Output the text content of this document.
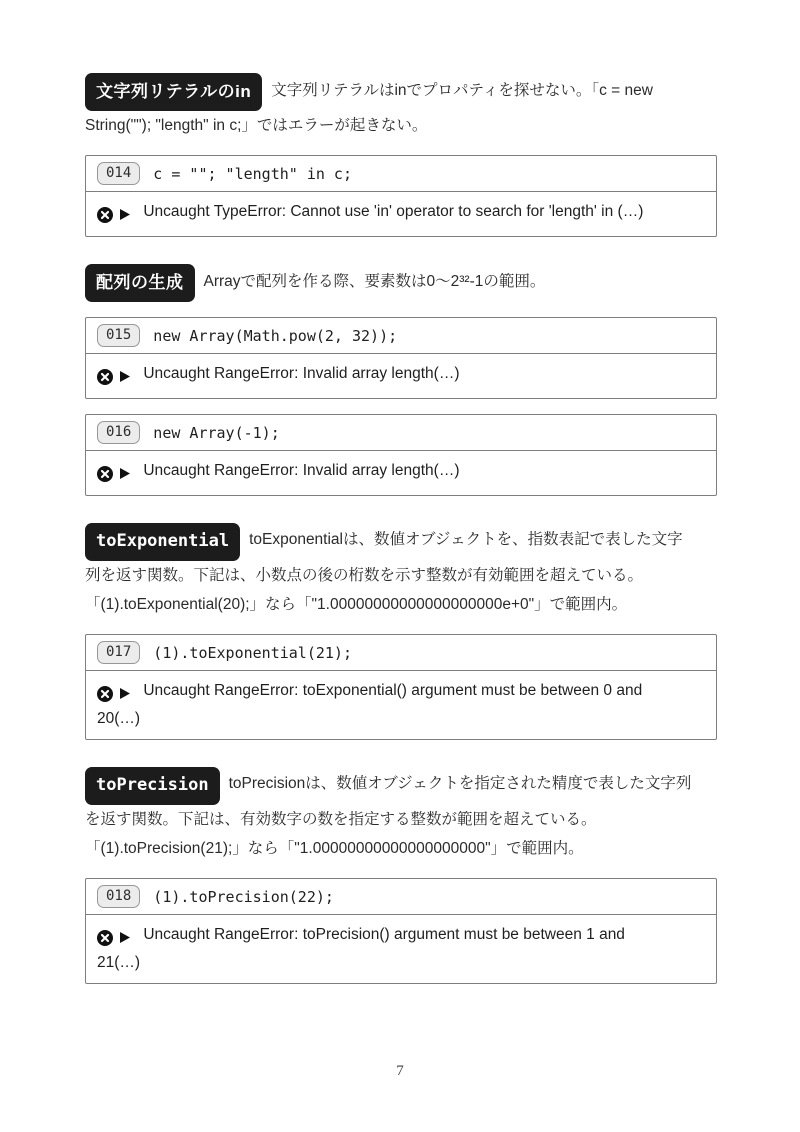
文字列リテラルのin 文字列リテラルはinでプロパティを探せない。「c = new
String(""); "length" in c;」ではエラーが起きない。
014	c = ""; "length" in c;
Uncaught TypeError: Cannot use 'in' operator to search for 'length' in (…)
配列の生成 Arrayで配列を作る際、要素数は0〜2³²-1の範囲。
015	new Array(Math.pow(2, 32));
Uncaught RangeError: Invalid array length(…)
016	new Array(-1);
Uncaught RangeError: Invalid array length(…)
toExponential toExponentialは、数値オブジェクトを、指数表記で表した文字
列を返す関数。下記は、小数点の後の桁数を示す整数が有効範囲を超えている。
「(1).toExponential(20);」なら「"1.00000000000000000000e+0"」で範囲内。
017	(1).toExponential(21);
Uncaught RangeError: toExponential() argument must be between 0 and
20(…)
toPrecision toPrecisionは、数値オブジェクトを指定された精度で表した文字列
を返す関数。下記は、有効数字の数を指定する整数が範囲を超えている。
「(1).toPrecision(21);」なら「"1.00000000000000000000"」で範囲内。
018	(1).toPrecision(22);
Uncaught RangeError: toPrecision() argument must be between 1 and
21(…)
7
